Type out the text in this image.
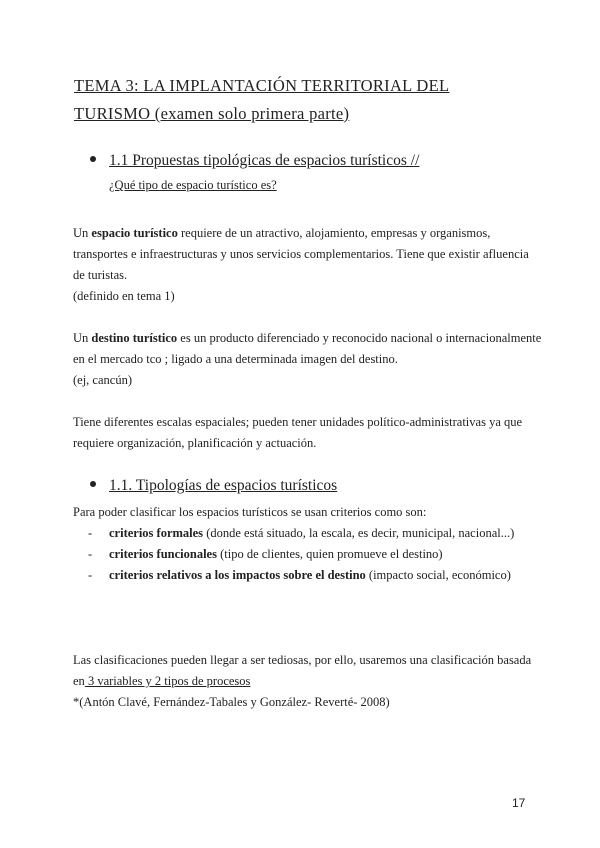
TEMA 3: LA IMPLANTACIÓN TERRITORIAL DEL
TURISMO (examen solo primera parte)
1.1 Propuestas tipológicas de espacios turísticos //
¿Qué tipo de espacio turístico es?
Un espacio turístico requiere de un atractivo, alojamiento, empresas y organismos, transportes e infraestructuras y unos servicios complementarios. Tiene que existir afluencia de turistas.
(definido en tema 1)
Un destino turístico es un producto diferenciado y reconocido nacional o internacionalmente en el mercado tco ; ligado a una determinada imagen del destino.
(ej, cancún)
Tiene diferentes escalas espaciales; pueden tener unidades político-administrativas ya que requiere organización, planificación y actuación.
1.1. Tipologías de espacios turísticos
Para poder clasificar los espacios turísticos se usan criterios como son:
- criterios formales (donde está situado, la escala, es decir, municipal, nacional...)
- criterios funcionales (tipo de clientes, quien promueve el destino)
- criterios relativos a los impactos sobre el destino (impacto social, económico)
Las clasificaciones pueden llegar a ser tediosas, por ello, usaremos una clasificación basada en 3 variables y 2 tipos de procesos
*(Antón Clavé, Fernández-Tabales y González- Reverté- 2008)
17
